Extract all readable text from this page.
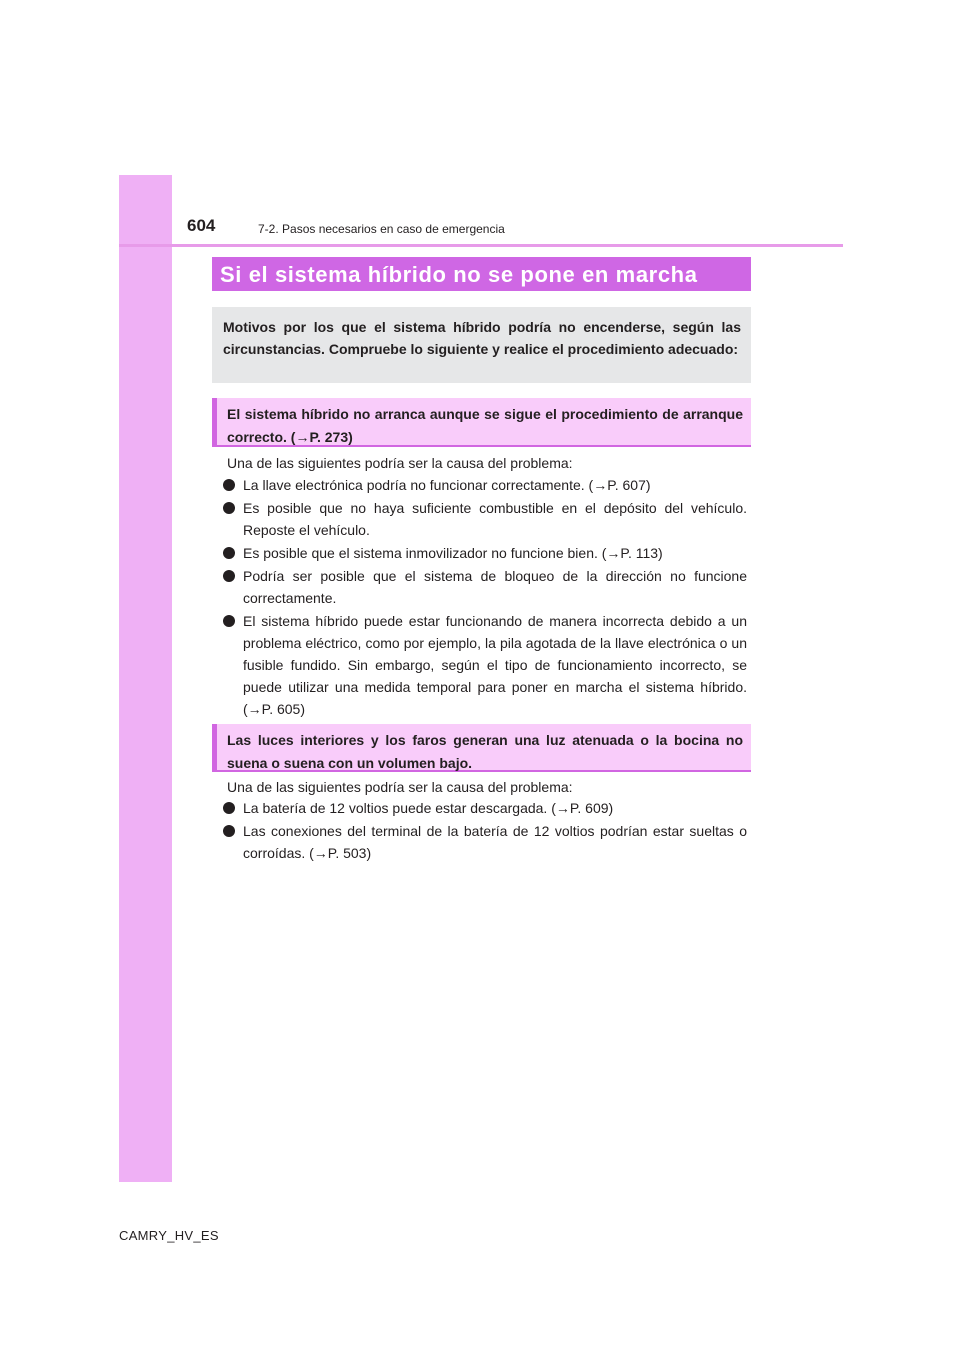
604	7-2. Pasos necesarios en caso de emergencia
Si el sistema híbrido no se pone en marcha
Motivos por los que el sistema híbrido podría no encenderse, según las circunstancias. Compruebe lo siguiente y realice el procedimiento adecuado:
El sistema híbrido no arranca aunque se sigue el procedimiento de arranque correcto. (→P. 273)
Una de las siguientes podría ser la causa del problema:
La llave electrónica podría no funcionar correctamente. (→P. 607)
Es posible que no haya suficiente combustible en el depósito del vehículo. Reposte el vehículo.
Es posible que el sistema inmovilizador no funcione bien. (→P. 113)
Podría ser posible que el sistema de bloqueo de la dirección no funcione correctamente.
El sistema híbrido puede estar funcionando de manera incorrecta debido a un problema eléctrico, como por ejemplo, la pila agotada de la llave electrónica o un fusible fundido. Sin embargo, según el tipo de funcionamiento incorrecto, se puede utilizar una medida temporal para poner en marcha el sistema híbrido. (→P. 605)
Las luces interiores y los faros generan una luz atenuada o la bocina no suena o suena con un volumen bajo.
Una de las siguientes podría ser la causa del problema:
La batería de 12 voltios puede estar descargada. (→P. 609)
Las conexiones del terminal de la batería de 12 voltios podrían estar sueltas o corroídas. (→P. 503)
CAMRY_HV_ES
